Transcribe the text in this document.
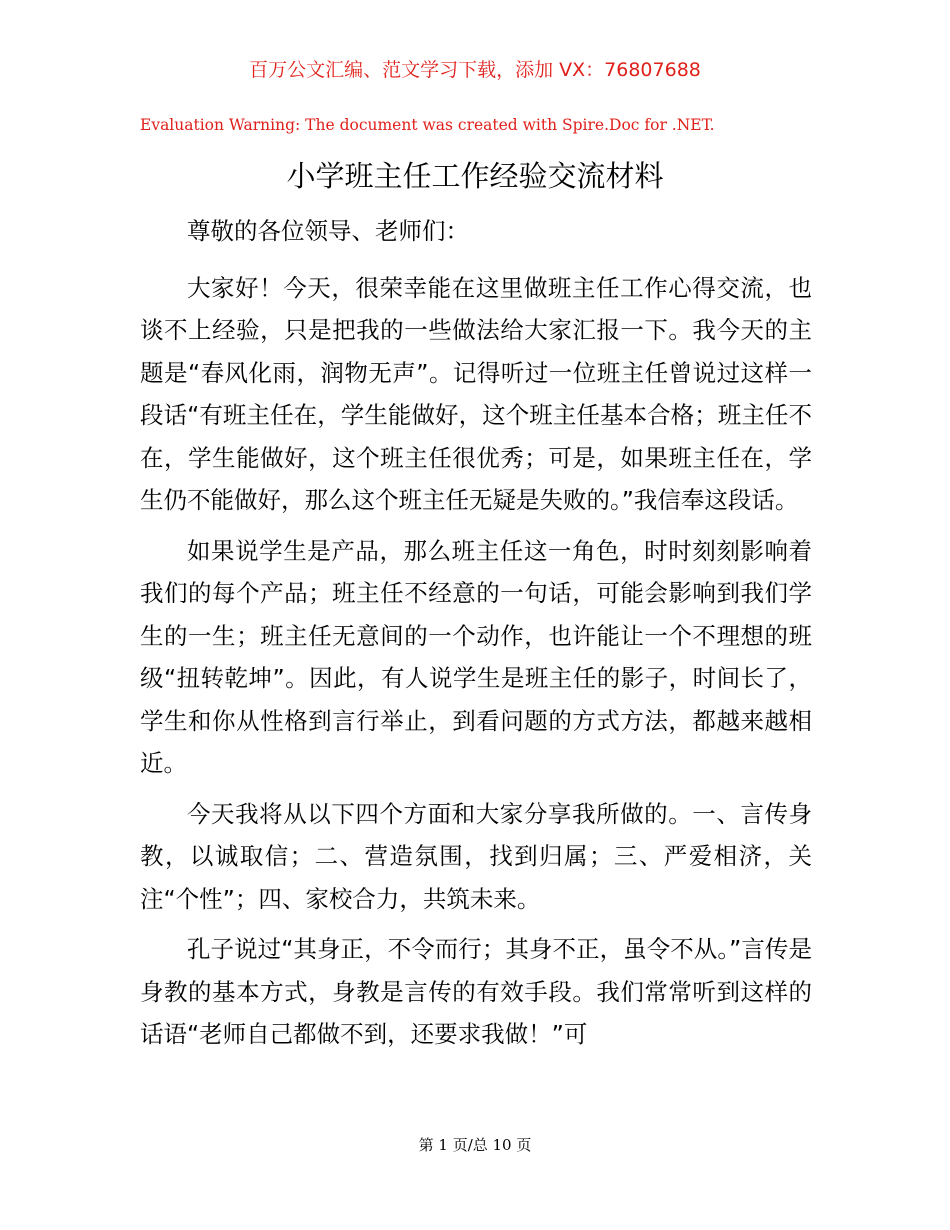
百万公文汇编、范文学习下载，添加 VX：76807688
Evaluation Warning: The document was created with Spire.Doc for .NET.
小学班主任工作经验交流材料

尊敬的各位领导、老师们：

大家好！今天，很荣幸能在这里做班主任工作心得交流，也谈不上经验，只是把我的一些做法给大家汇报一下。我今天的主题是“春风化雨，润物无声”。记得听过一位班主任曾说过这样一段话“有班主任在，学生能做好，这个班主任基本合格；班主任不在，学生能做好，这个班主任很优秀；可是，如果班主任在，学生仍不能做好，那么这个班主任无疑是失败的。”我信奉这段话。

如果说学生是产品，那么班主任这一角色，时时刻刻影响着我们的每个产品；班主任不经意的一句话，可能会影响到我们学生的一生；班主任无意间的一个动作，也许能让一个不理想的班级“扭转乾坤”。因此，有人说学生是班主任的影子，时间长了，学生和你从性格到言行举止，到看问题的方式方法，都越来越相近。

今天我将从以下四个方面和大家分享我所做的。一、言传身教，以诚取信；二、营造氛围，找到归属；三、严爱相济，关注“个性”；四、家校合力，共筑未来。

孔子说过“其身正，不令而行；其身不正，虽令不从。”言传是身教的基本方式，身教是言传的有效手段。我们常常听到这样的话语“老师自己都做不到，还要求我做！”可

第 1 页/总 10 页
